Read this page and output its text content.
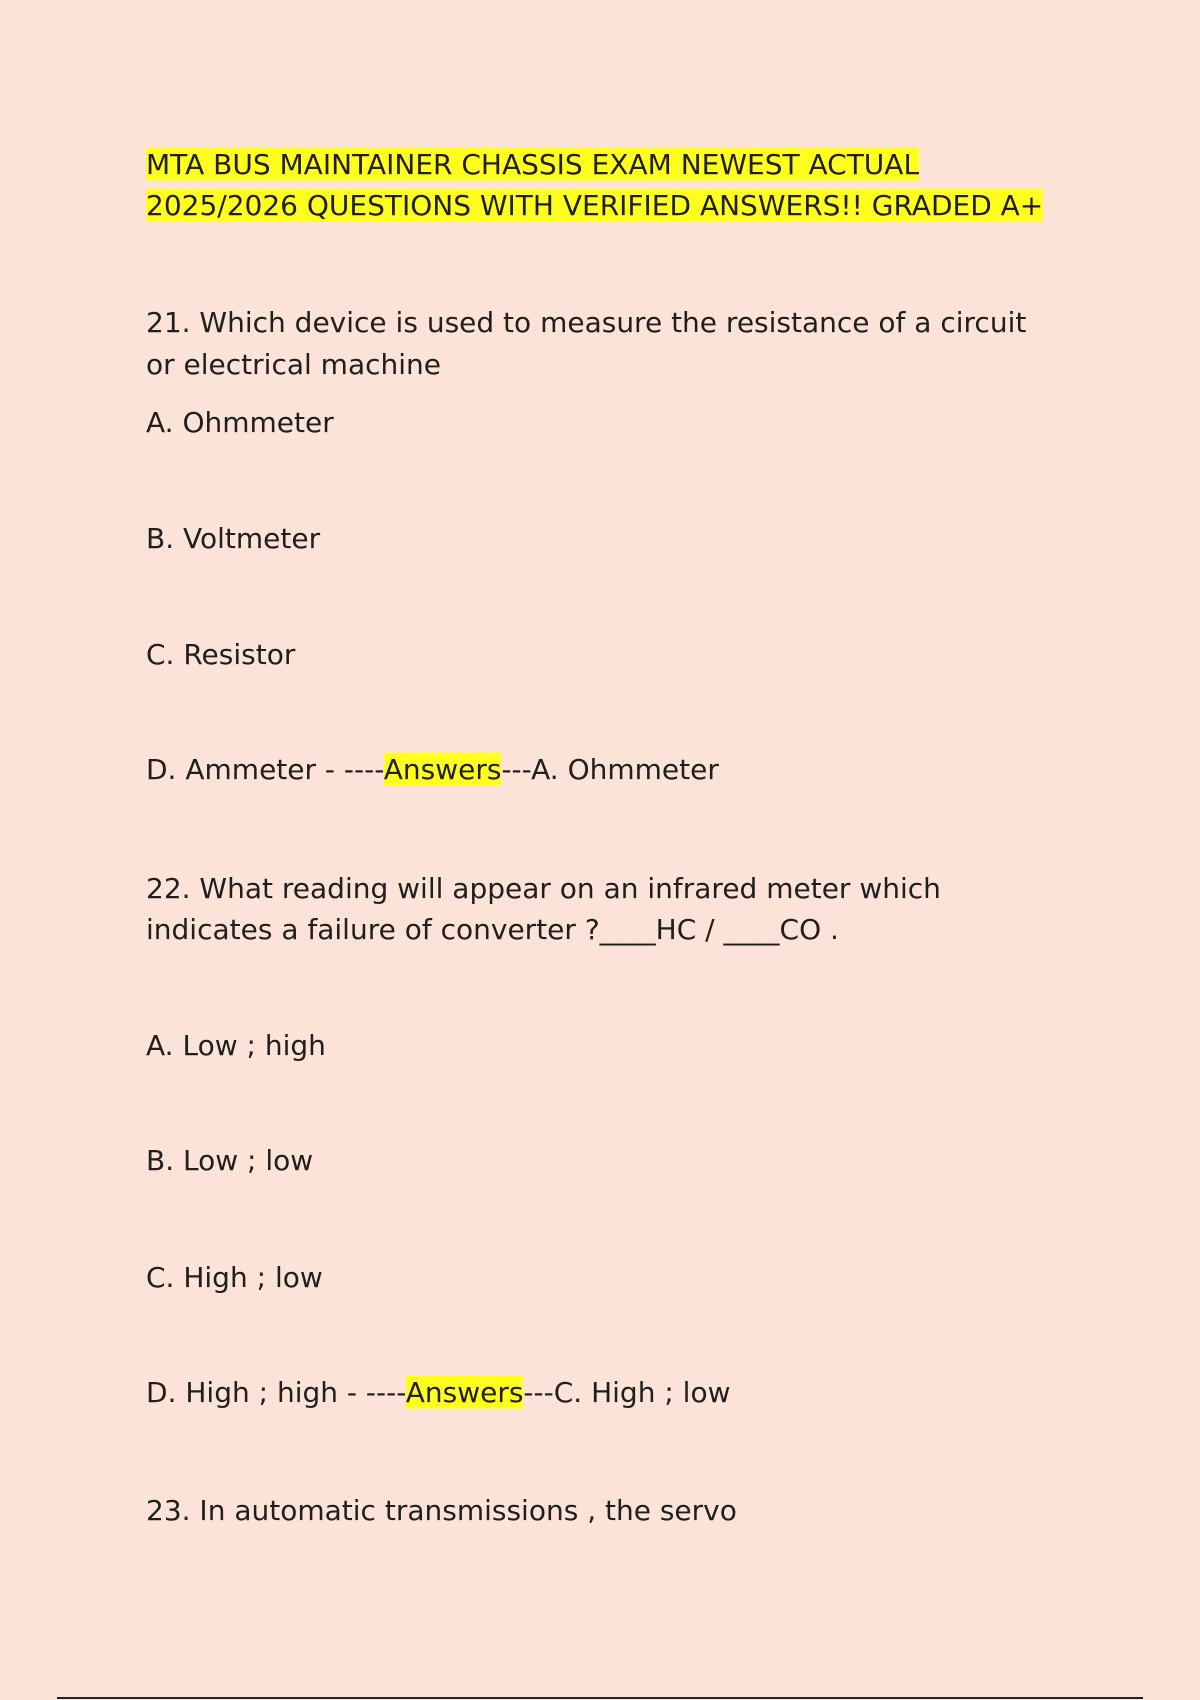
MTA BUS MAINTAINER CHASSIS EXAM NEWEST ACTUAL
2025/2026 QUESTIONS WITH VERIFIED ANSWERS!! GRADED A+
21. Which device is used to measure the resistance of a circuit
or electrical machine
A. Ohmmeter
B. Voltmeter
C. Resistor
D. Ammeter - ----Answers---A. Ohmmeter
22. What reading will appear on an infrared meter which
indicates a failure of converter ?____HC / ____CO .
A. Low ; high
B. Low ; low
C. High ; low
D. High ; high - ----Answers---C. High ; low
23. In automatic transmissions , the servo
